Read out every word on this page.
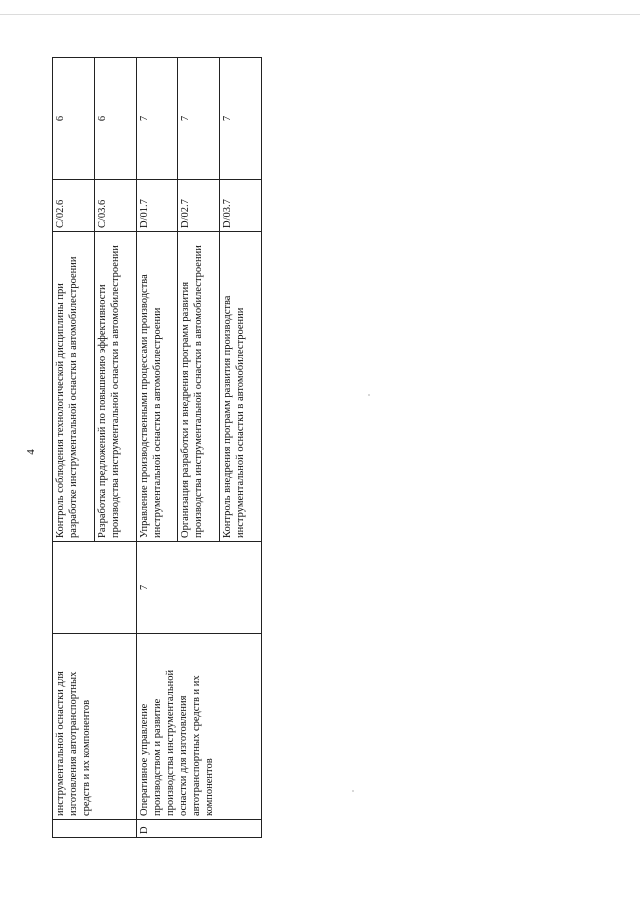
4
	инструментальной оснастки для изготовления автотранспортных средств и их компонентов		Контроль соблюдения технологической дисциплины при разработке инструментальной оснастки в автомобилестроении	C/02.6	6
			Разработка предложений по повышению эффективности производства инструментальной оснастки в автомобилестроении	C/03.6	6
D	Оперативное управление производством и развитие производства инструментальной оснастки для изготовления автотранспортных средств и их компонентов	7	Управление производственными процессами производства инструментальной оснастки в автомобилестроении	D/01.7	7
			Организация разработки и внедрения программ развития производства инструментальной оснастки в автомобилестроении	D/02.7	7
			Контроль внедрения программ развития производства инструментальной оснастки в автомобилестроении	D/03.7	7
